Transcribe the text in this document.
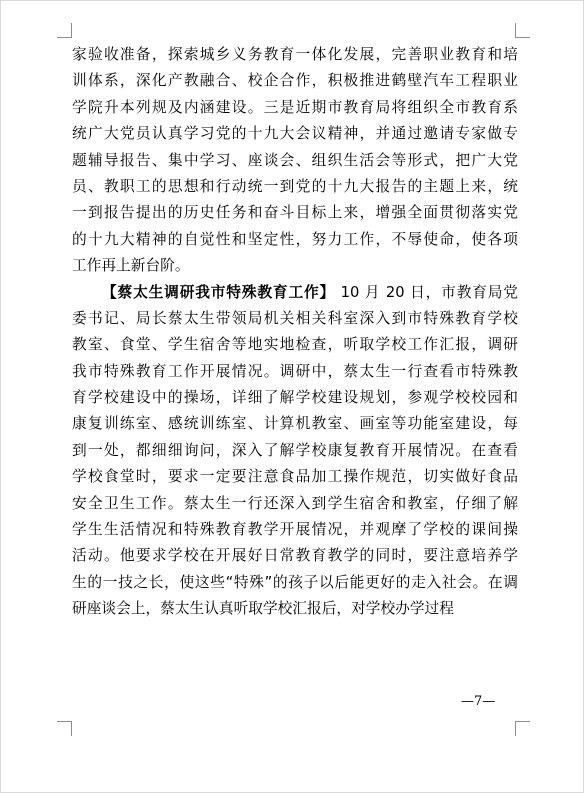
家验收准备，探索城乡义务教育一体化发展，完善职业教育和培
训体系，深化产教融合、校企合作，积极推进鹤壁汽车工程职业
学院升本列规及内涵建设。三是近期市教育局将组织全市教育系
统广大党员认真学习党的十九大会议精神，并通过邀请专家做专
题辅导报告、集中学习、座谈会、组织生活会等形式，把广大党
员、教职工的思想和行动统一到党的十九大报告的主题上来，统
一到报告提出的历史任务和奋斗目标上来，增强全面贯彻落实党
的十九大精神的自觉性和坚定性，努力工作，不辱使命，使各项
工作再上新台阶。
【蔡太生调研我市特殊教育工作】 10 月 20 日，市教育局党
委书记、局长蔡太生带领局机关相关科室深入到市特殊教育学校
教室、食堂、学生宿舍等地实地检查，听取学校工作汇报，调研
我市特殊教育工作开展情况。调研中，蔡太生一行查看市特殊教
育学校建设中的操场，详细了解学校建设规划，参观学校校园和
康复训练室、感统训练室、计算机教室、画室等功能室建设，每
到一处，都细细询问，深入了解学校康复教育开展情况。在查看
学校食堂时，要求一定要注意食品加工操作规范，切实做好食品
安全卫生工作。蔡太生一行还深入到学生宿舍和教室，仔细了解
学生生活情况和特殊教育教学开展情况，并观摩了学校的课间操
活动。他要求学校在开展好日常教育教学的同时，要注意培养学
生的一技之长，使这些“特殊”的孩子以后能更好的走入社会。在调
研座谈会上，蔡太生认真听取学校汇报后，对学校办学过程
—7—
